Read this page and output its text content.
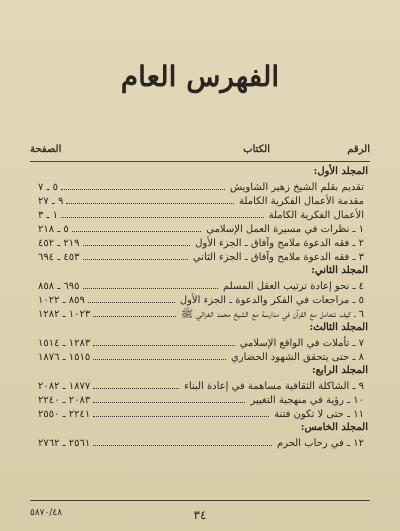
الفهرس العام
الرقم
الكتاب
الصفحة
المجلد الأول:
تقديم بقلم الشيخ زهير الشاويش
٥ ـ ٧
مقدمة الأعمال الفكرية الكاملة
٩ ـ ٢٧
الأعمال الفكرية الكاملة
١ ـ ٣
١ ـ نظرات في مسيرة العمل الإسلامي
٥ ـ ٢١٨
٢ ـ فقه الدعوة ملامح وآفاق ـ الجزء الأول
٢١٩ ـ ٤٥٢
٣ ـ فقه الدعوة ملامح وآفاق ـ الجزء الثاني
٤٥٣ ـ ٦٩٤
المجلد الثاني:
٤ ـ نحو إعادة ترتيب العقل المسلم
٦٩٥ ـ ٨٥٨
٥ ـ مراجعات في الفكر والدعوة ـ الجزء الأول
٨٥٩ ـ ١٠٢٢
٦ ـ كيف نتعامل مع القرآن في مدارسة مع الشيخ محمد الغزالي ﷺ
١٠٢٣ ـ ١٢٨٢
المجلد الثالث:
٧ ـ تأملات في الواقع الإسلامي
١٢٨٣ ـ ١٥١٤
٨ ـ حتى يتحقق الشهود الحضاري
١٥١٥ ـ ١٨٧٦
المجلد الرابع:
٩ ـ الشاكلة الثقافية مساهمة في إعادة البناء
١٨٧٧ ـ ٢٠٨٢
١٠ ـ رؤية في منهجية التغيير
٢٠٨٣ ـ ٢٢٤٠
١١ ـ حتى لا تكون فتنة
٢٢٤١ ـ ٢٥٥٠
المجلد الخامس:
١٢ ـ في رحاب الحرم
٢٥٦١ ـ ٢٧٦٢
٥٨٧٠/٤٨	٣٤
